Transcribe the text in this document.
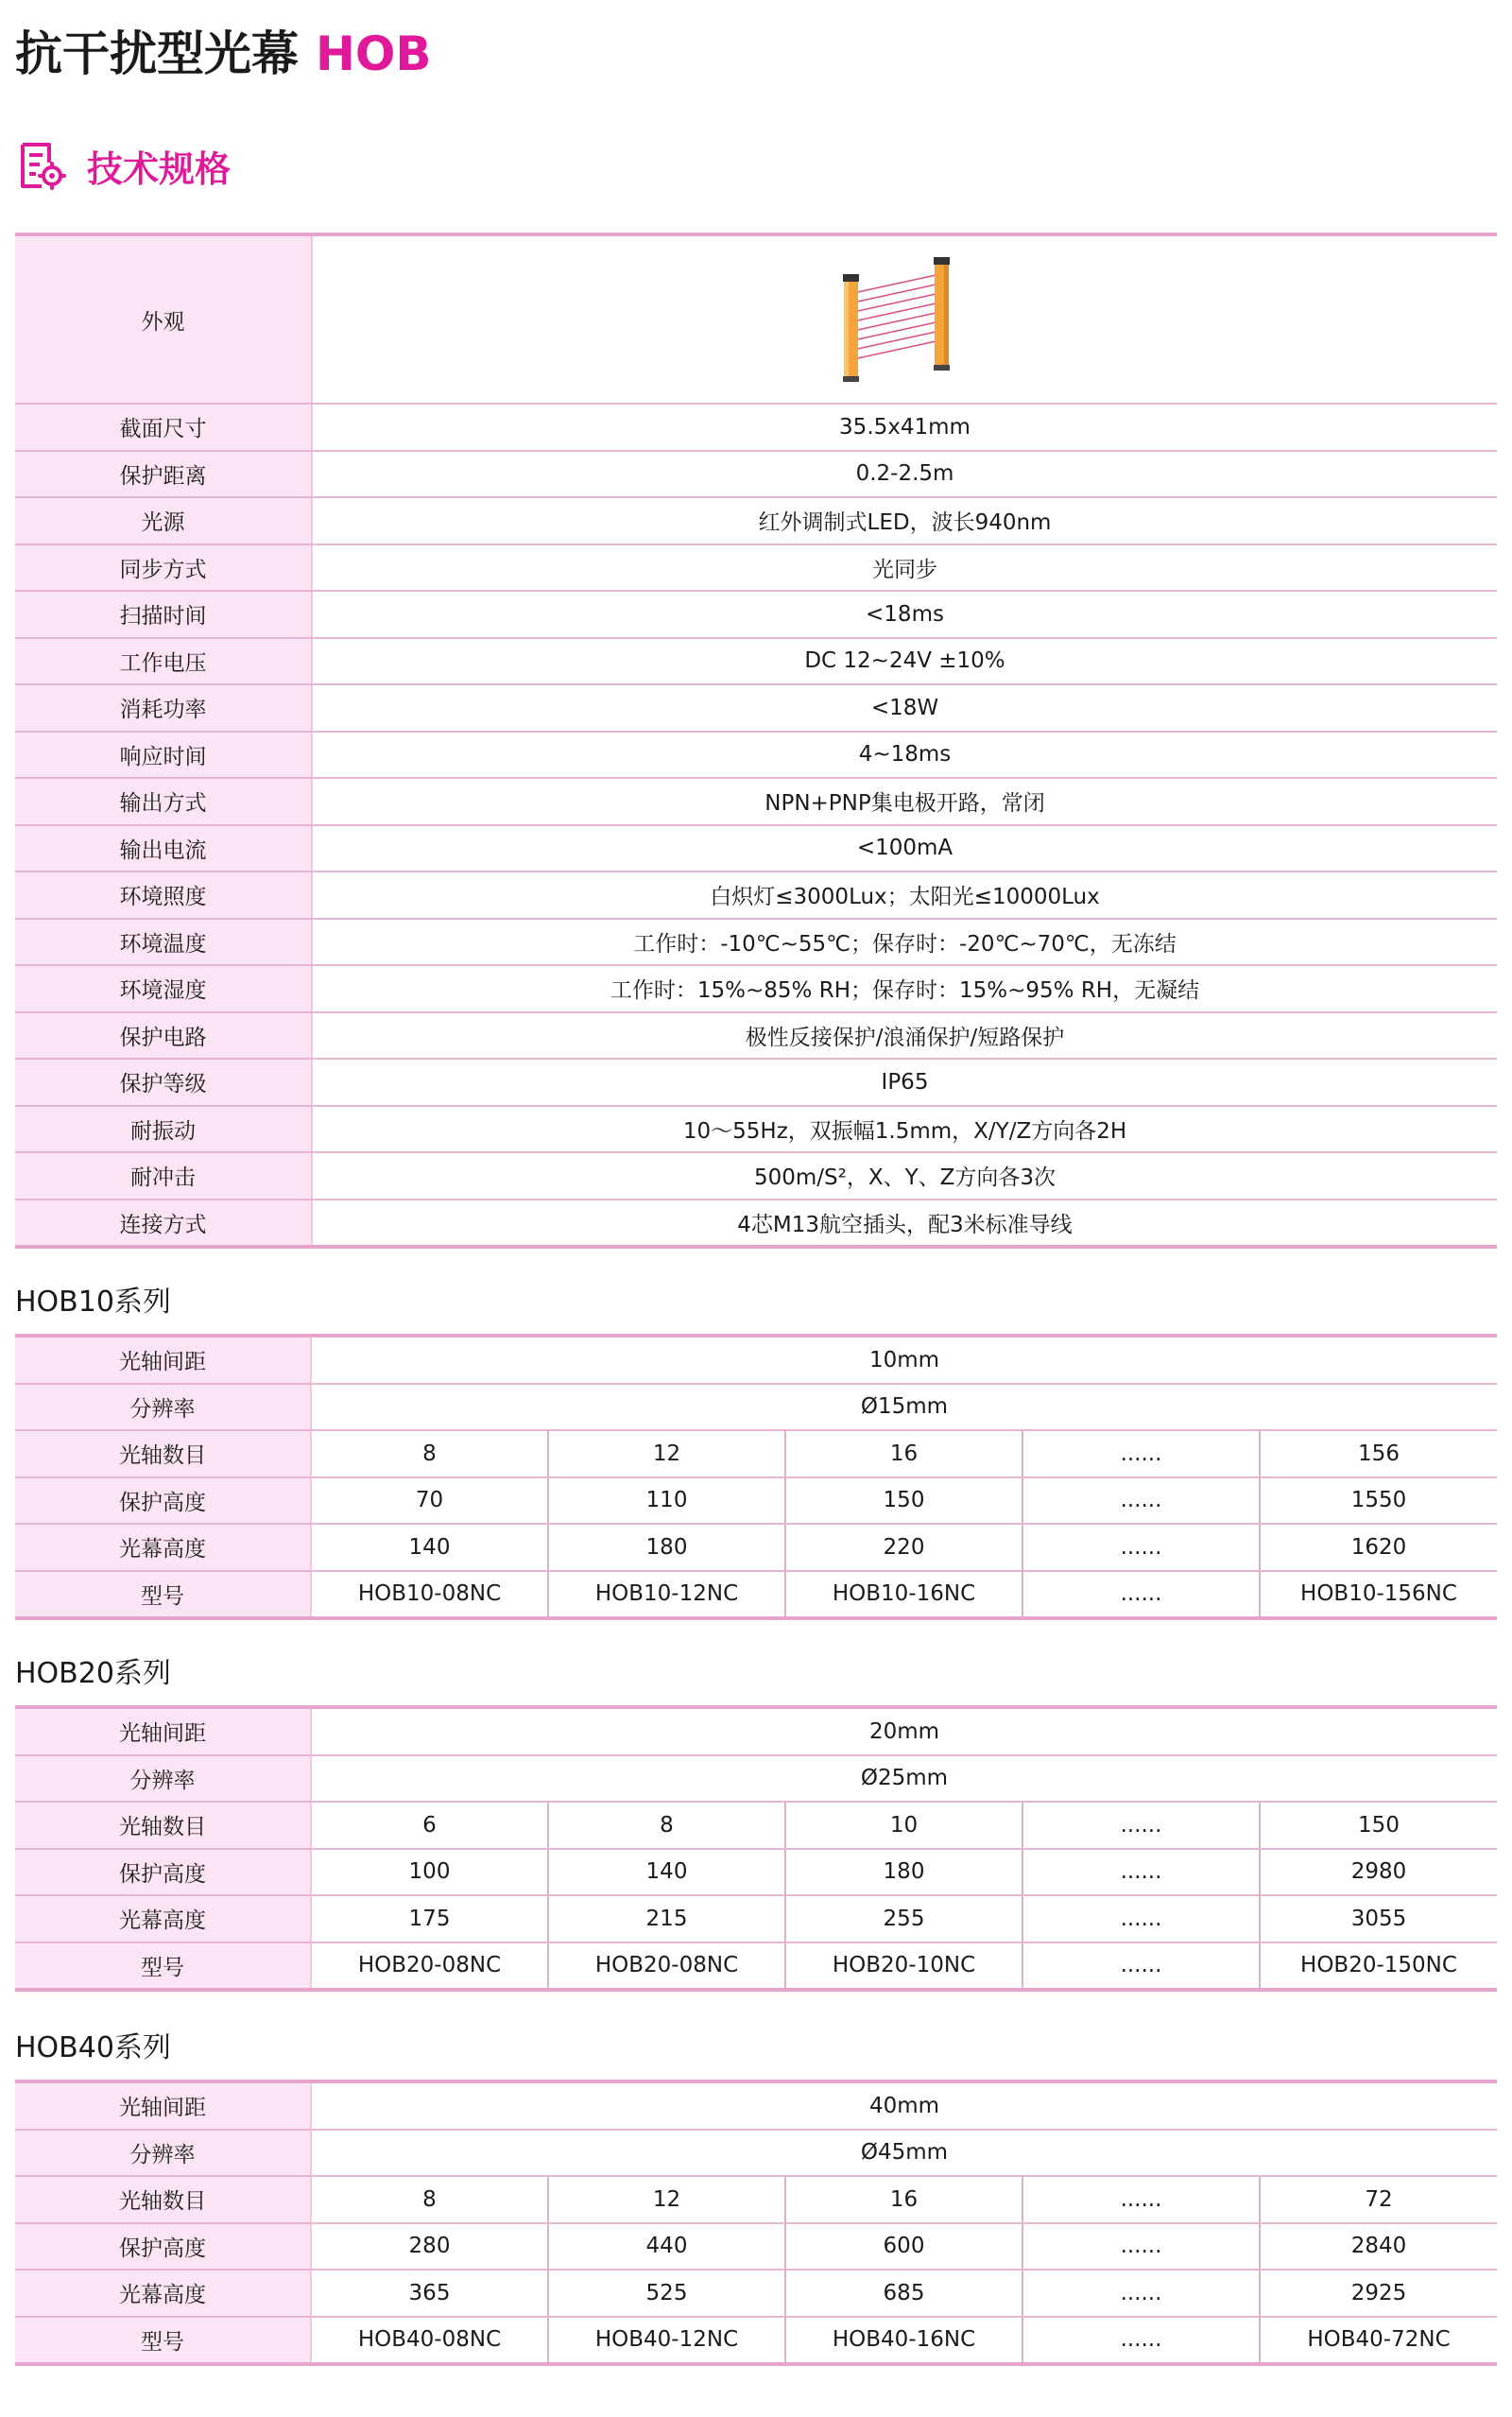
抗干扰型光幕 HOB
技术规格
外观	

截面尺寸	35.5x41mm
保护距离	0.2-2.5m
光源	红外调制式LED，波长940nm
同步方式	光同步
扫描时间	<18ms
工作电压	DC 12~24V ±10%
消耗功率	<18W
响应时间	4~18ms
输出方式	NPN+PNP集电极开路，常闭
输出电流	<100mA
环境照度	白炽灯≤3000Lux；太阳光≤10000Lux
环境温度	工作时：-10℃~55℃；保存时：-20℃~70℃，无冻结
环境湿度	工作时：15%~85% RH；保存时：15%~95% RH，无凝结
保护电路	极性反接保护/浪涌保护/短路保护
保护等级	IP65
耐振动	10～55Hz，双振幅1.5mm，X/Y/Z方向各2H
耐冲击	500m/S²，X、Y、Z方向各3次
连接方式	4芯M13航空插头，配3米标准导线
HOB10系列
光轴间距	10mm				
分辨率	Ø15mm				
光轴数目	8	12	16	......	156
保护高度	70	110	150	......	1550
光幕高度	140	180	220	......	1620
型号	HOB10-08NC	HOB10-12NC	HOB10-16NC	......	HOB10-156NC
HOB20系列
光轴间距	20mm				
分辨率	Ø25mm				
光轴数目	6	8	10	......	150
保护高度	100	140	180	......	2980
光幕高度	175	215	255	......	3055
型号	HOB20-08NC	HOB20-08NC	HOB20-10NC	......	HOB20-150NC
HOB40系列
光轴间距	40mm				
分辨率	Ø45mm				
光轴数目	8	12	16	......	72
保护高度	280	440	600	......	2840
光幕高度	365	525	685	......	2925
型号	HOB40-08NC	HOB40-12NC	HOB40-16NC	......	HOB40-72NC
